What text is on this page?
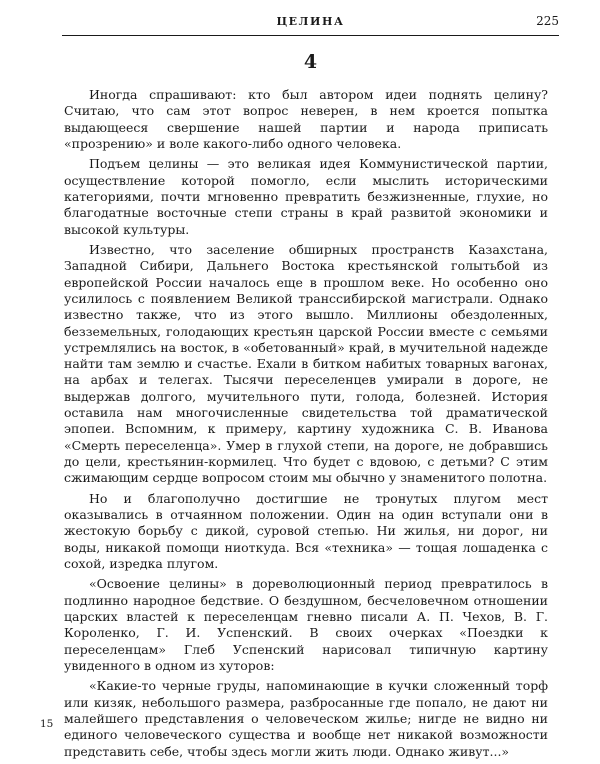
ЦЕЛИНА	225
4

Иногда спрашивают: кто был автором идеи поднять целину? Считаю, что сам этот вопрос неверен, в нем кроется попытка выдающееся свершение нашей партии и народа приписать «прозрению» и воле какого-либо одного человека.

Подъем целины — это великая идея Коммунистической партии, осуществление которой помогло, если мыслить историческими категориями, почти мгновенно превратить безжизненные, глухие, но благодатные восточные степи страны в край развитой экономики и высокой культуры.

Известно, что заселение обширных пространств Казахстана, Западной Сибири, Дальнего Востока крестьянской голытьбой из европейской России началось еще в прошлом веке. Но особенно оно усилилось с появлением Великой транссибирской магистрали. Однако известно также, что из этого вышло. Миллионы обездоленных, безземельных, голодающих крестьян царской России вместе с семьями устремлялись на восток, в «обетованный» край, в мучительной надежде найти там землю и счастье. Ехали в битком набитых товарных вагонах, на арбах и телегах. Тысячи переселенцев умирали в дороге, не выдержав долгого, мучительного пути, голода, болезней. История оставила нам многочисленные свидетельства той драматической эпопеи. Вспомним, к примеру, картину художника С. В. Иванова «Смерть переселенца». Умер в глухой степи, на дороге, не добравшись до цели, крестьянин-кормилец. Что будет с вдовою, с детьми? С этим сжимающим сердце вопросом стоим мы обычно у знаменитого полотна.

Но и благополучно достигшие не тронутых плугом мест оказывались в отчаянном положении. Один на один вступали они в жестокую борьбу с дикой, суровой степью. Ни жилья, ни дорог, ни воды, никакой помощи ниоткуда. Вся «техника» — тощая лошаденка с сохой, изредка плугом.

«Освоение целины» в дореволюционный период превратилось в подлинно народное бедствие. О бездушном, бесчеловечном отношении царских властей к переселенцам гневно писали А. П. Чехов, В. Г. Короленко, Г. И. Успенский. В своих очерках «Поездки к переселенцам» Глеб Успенский нарисовал типичную картину увиденного в одном из хуторов:

«Какие-то черные груды, напоминающие в кучки сложенный торф или кизяк, небольшого размера, разбросанные где попало, не дают ни малейшего представления о человеческом жилье; нигде не видно ни единого человеческого существа и вообще нет никакой возможности представить себе, чтобы здесь могли жить люди. Однако живут...»

15
